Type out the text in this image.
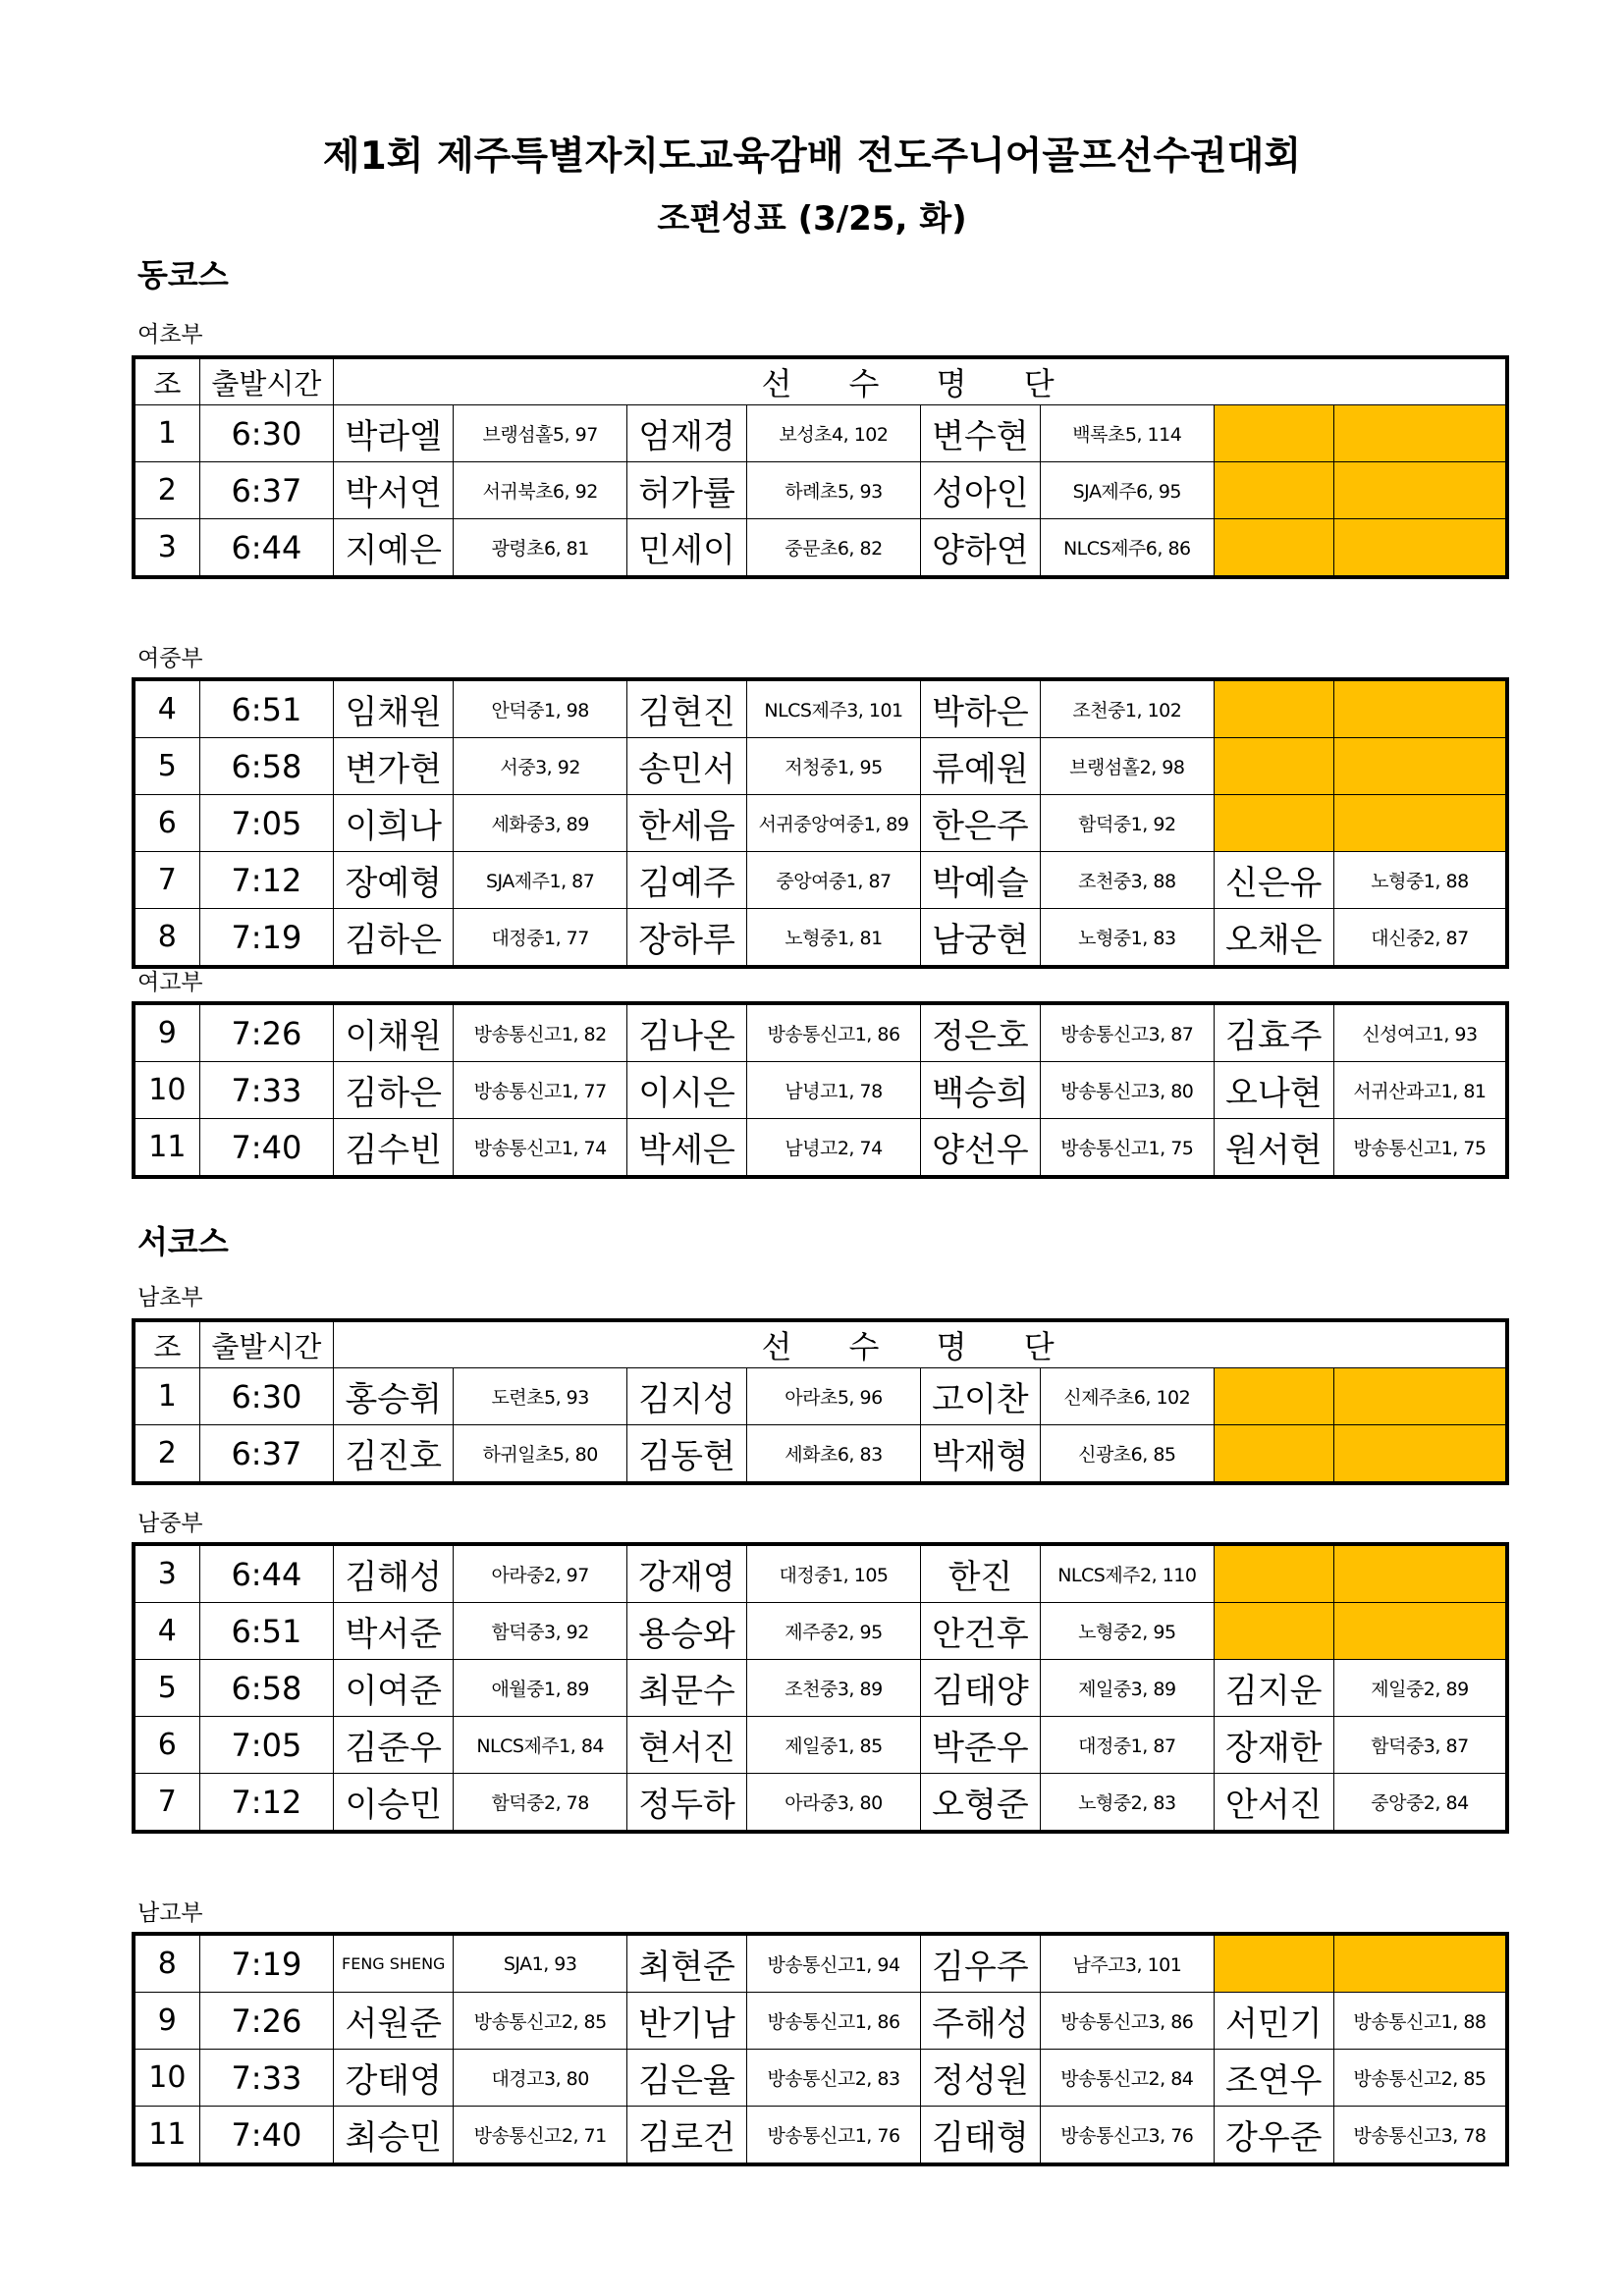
제1회 제주특별자치도교육감배 전도주니어골프선수권대회
조편성표 (3/25, 화)
동코스
여초부
조	출발시간	선 수 명 단							
1	6:30	박라엘	브랭섬홀5, 97	엄재경	보성초4, 102	변수현	백록초5, 114		
2	6:37	박서연	서귀북초6, 92	허가률	하례초5, 93	성아인	SJA제주6, 95		
3	6:44	지예은	광령초6, 81	민세이	중문초6, 82	양하연	NLCS제주6, 86		
여중부
4	6:51	임채원	안덕중1, 98	김현진	NLCS제주3, 101	박하은	조천중1, 102		
5	6:58	변가현	서중3, 92	송민서	저청중1, 95	류예원	브랭섬홀2, 98		
6	7:05	이희나	세화중3, 89	한세음	서귀중앙여중1, 89	한은주	함덕중1, 92		
7	7:12	장예형	SJA제주1, 87	김예주	중앙여중1, 87	박예슬	조천중3, 88	신은유	노형중1, 88
8	7:19	김하은	대정중1, 77	장하루	노형중1, 81	남궁현	노형중1, 83	오채은	대신중2, 87
여고부
9	7:26	이채원	방송통신고1, 82	김나온	방송통신고1, 86	정은호	방송통신고3, 87	김효주	신성여고1, 93
10	7:33	김하은	방송통신고1, 77	이시은	남녕고1, 78	백승희	방송통신고3, 80	오나현	서귀산과고1, 81
11	7:40	김수빈	방송통신고1, 74	박세은	남녕고2, 74	양선우	방송통신고1, 75	원서현	방송통신고1, 75
서코스
남초부
조	출발시간	선 수 명 단							
1	6:30	홍승휘	도련초5, 93	김지성	아라초5, 96	고이찬	신제주초6, 102		
2	6:37	김진호	하귀일초5, 80	김동현	세화초6, 83	박재형	신광초6, 85		
남중부
3	6:44	김해성	아라중2, 97	강재영	대정중1, 105	한진	NLCS제주2, 110		
4	6:51	박서준	함덕중3, 92	용승와	제주중2, 95	안건후	노형중2, 95		
5	6:58	이여준	애월중1, 89	최문수	조천중3, 89	김태양	제일중3, 89	김지운	제일중2, 89
6	7:05	김준우	NLCS제주1, 84	현서진	제일중1, 85	박준우	대정중1, 87	장재한	함덕중3, 87
7	7:12	이승민	함덕중2, 78	정두하	아라중3, 80	오형준	노형중2, 83	안서진	중앙중2, 84
남고부
8	7:19	FENG SHENG	SJA1, 93	최현준	방송통신고1, 94	김우주	남주고3, 101		
9	7:26	서원준	방송통신고2, 85	반기남	방송통신고1, 86	주해성	방송통신고3, 86	서민기	방송통신고1, 88
10	7:33	강태영	대경고3, 80	김은율	방송통신고2, 83	정성원	방송통신고2, 84	조연우	방송통신고2, 85
11	7:40	최승민	방송통신고2, 71	김로건	방송통신고1, 76	김태형	방송통신고3, 76	강우준	방송통신고3, 78
